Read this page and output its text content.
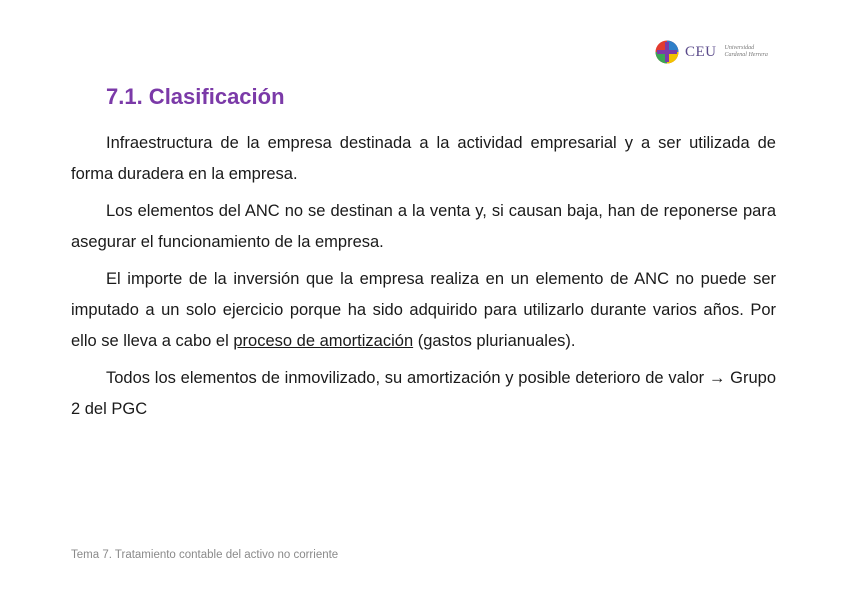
CEU Universidad
Cardenal Herrera
7.1. Clasificación

Infraestructura de la empresa destinada a la actividad empresarial y a ser utilizada de forma duradera en la empresa.

Los elementos del ANC no se destinan a la venta y, si causan baja, han de reponerse para asegurar el funcionamiento de la empresa.

El importe de la inversión que la empresa realiza en un elemento de ANC no puede ser imputado a un solo ejercicio porque ha sido adquirido para utilizarlo durante varios años. Por ello se lleva a cabo el proceso de amortización (gastos plurianuales).

Todos los elementos de inmovilizado, su amortización y posible deterioro de valor → Grupo 2 del PGC

Tema 7. Tratamiento contable del activo no corriente
